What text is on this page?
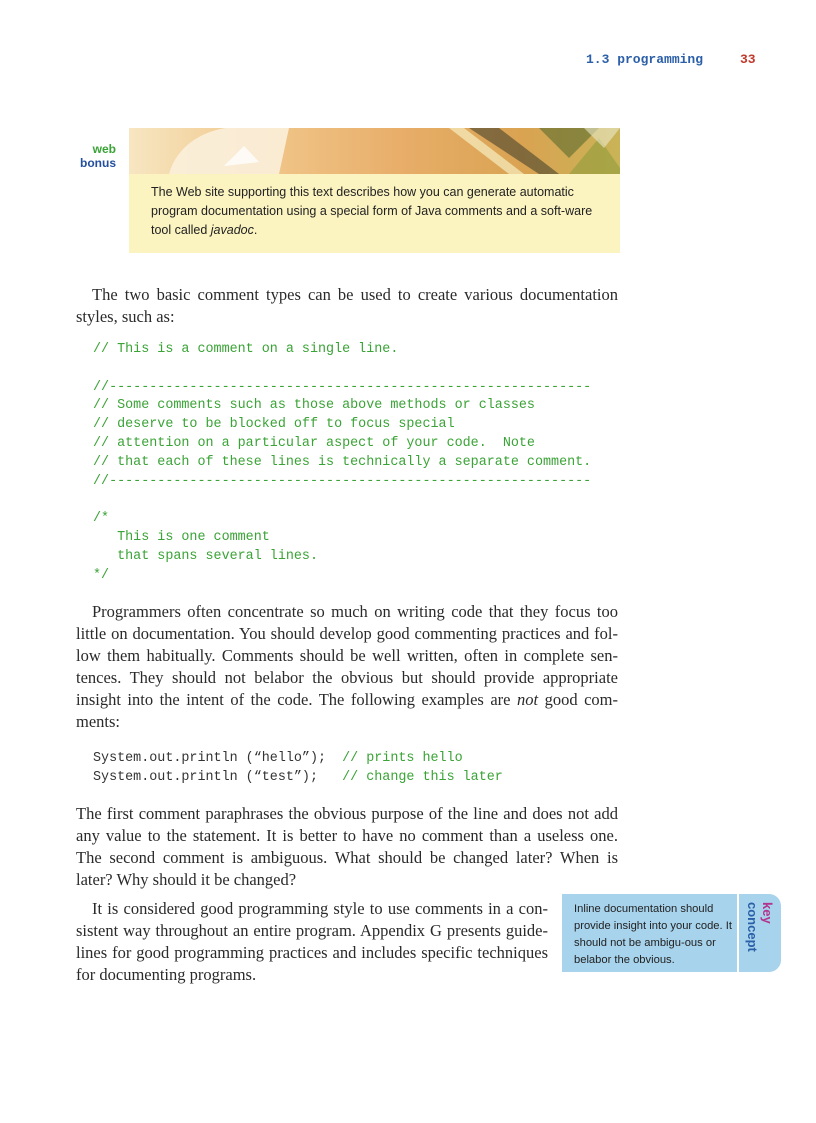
1.3 programming	33
web
bonus
The Web site supporting this text describes how you can generate automatic program documentation using a special form of Java comments and a soft-ware tool called javadoc.
The two basic comment types can be used to create various documentation styles, such as:
// This is a comment on a single line.

//------------------------------------------------------------
// Some comments such as those above methods or classes
// deserve to be blocked off to focus special
// attention on a particular aspect of your code.  Note
// that each of these lines is technically a separate comment.
//------------------------------------------------------------

/*
This is one comment
that spans several lines.
*/
Programmers often concentrate so much on writing code that they focus too little on documentation. You should develop good commenting practices and fol-low them habitually. Comments should be well written, often in complete sen-tences. They should not belabor the obvious but should provide appropriate insight into the intent of the code. The following examples are not good com-ments:
System.out.println (“hello”);  // prints hello
System.out.println (“test”);   // change this later
The first comment paraphrases the obvious purpose of the line and does not add any value to the statement. It is better to have no comment than a useless one. The second comment is ambiguous. What should be changed later? When is later? Why should it be changed?
It is considered good programming style to use comments in a con-sistent way throughout an entire program. Appendix G presents guide-lines for good programming practices and includes specific techniques for documenting programs.
Inline documentation should provide insight into your code. It should not be ambigu-ous or belabor the obvious.
key
concept
